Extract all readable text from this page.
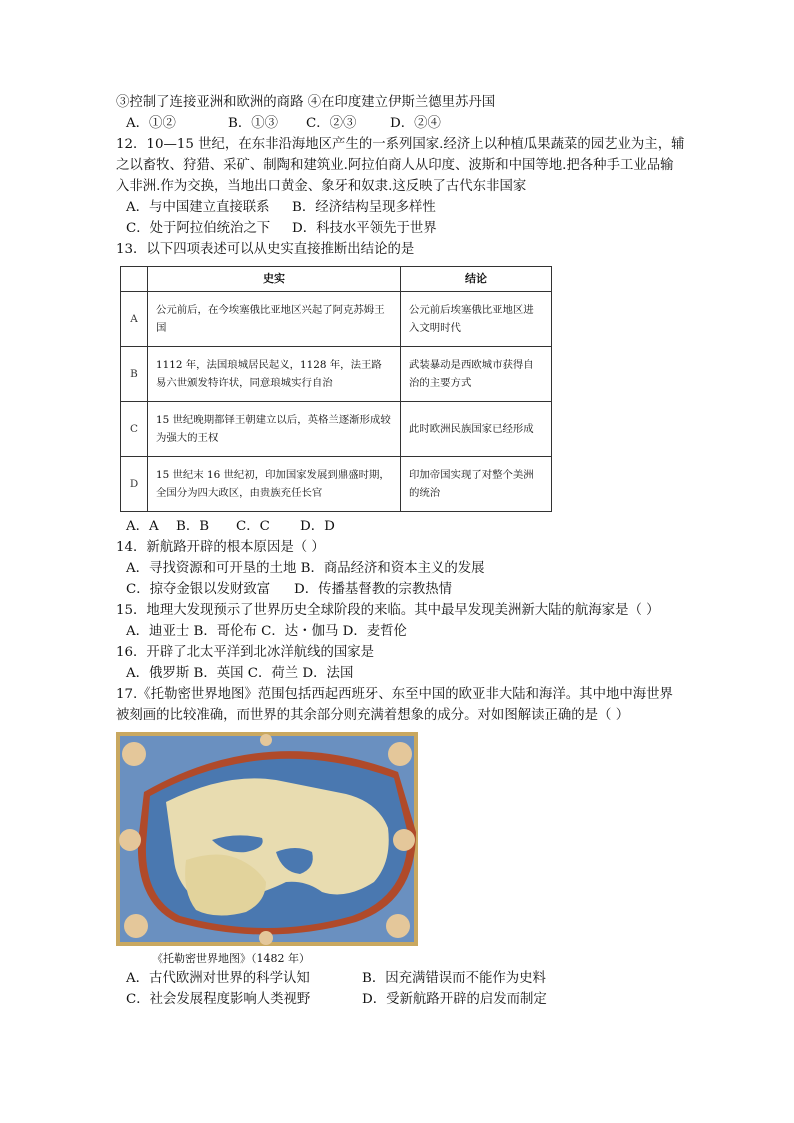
③控制了连接亚洲和欧洲的商路 ④在印度建立伊斯兰德里苏丹国
A．①②	B．①③ C．②③	D．②④
12．10—15 世纪，在东非沿海地区产生的一系列国家.经济上以种植瓜果蔬菜的园艺业为主，辅
之以畜牧、狩猎、采矿、制陶和建筑业.阿拉伯商人从印度、波斯和中国等地.把各种手工业品输
入非洲.作为交换，当地出口黄金、象牙和奴隶.这反映了古代东非国家
A．与中国建立直接联系 B．经济结构呈现多样性
C．处于阿拉伯统治之下 D．科技水平领先于世界
13．以下四项表述可以从史实直接推断出结论的是
	史实	结论
A	公元前后，在今埃塞俄比亚地区兴起了阿克苏姆王国	公元前后埃塞俄比亚地区进入文明时代
B	1112 年，法国琅城居民起义，1128 年，法王路易六世颁发特许状，同意琅城实行自治	武装暴动是西欧城市获得自治的主要方式
C	15 世纪晚期都铎王朝建立以后，英格兰逐渐形成较为强大的王权	此时欧洲民族国家已经形成
D	15 世纪末 16 世纪初，印加国家发展到鼎盛时期，全国分为四大政区，由贵族充任长官	印加帝国实现了对整个美洲的统治
A．A B．B C．C D．D
14．新航路开辟的根本原因是（ ）
A．寻找资源和可开垦的土地 B．商品经济和资本主义的发展
C．掠夺金银以发财致富 D．传播基督教的宗教热情
15．地理大发现预示了世界历史全球阶段的来临。其中最早发现美洲新大陆的航海家是（ ）
A．迪亚士 B．哥伦布 C．达・伽马 D．麦哲伦
16．开辟了北太平洋到北冰洋航线的国家是
A．俄罗斯 B．英国 C．荷兰 D．法国
17.《托勒密世界地图》范围包括西起西班牙、东至中国的欧亚非大陆和海洋。其中地中海世界被刻画的比较准确，而世界的其余部分则充满着想象的成分。对如图解读正确的是（ ）
《托勒密世界地图》（1482 年）
A．古代欧洲对世界的科学认知	B．因充满错误而不能作为史料
C．社会发展程度影响人类视野	D．受新航路开辟的启发而制定
